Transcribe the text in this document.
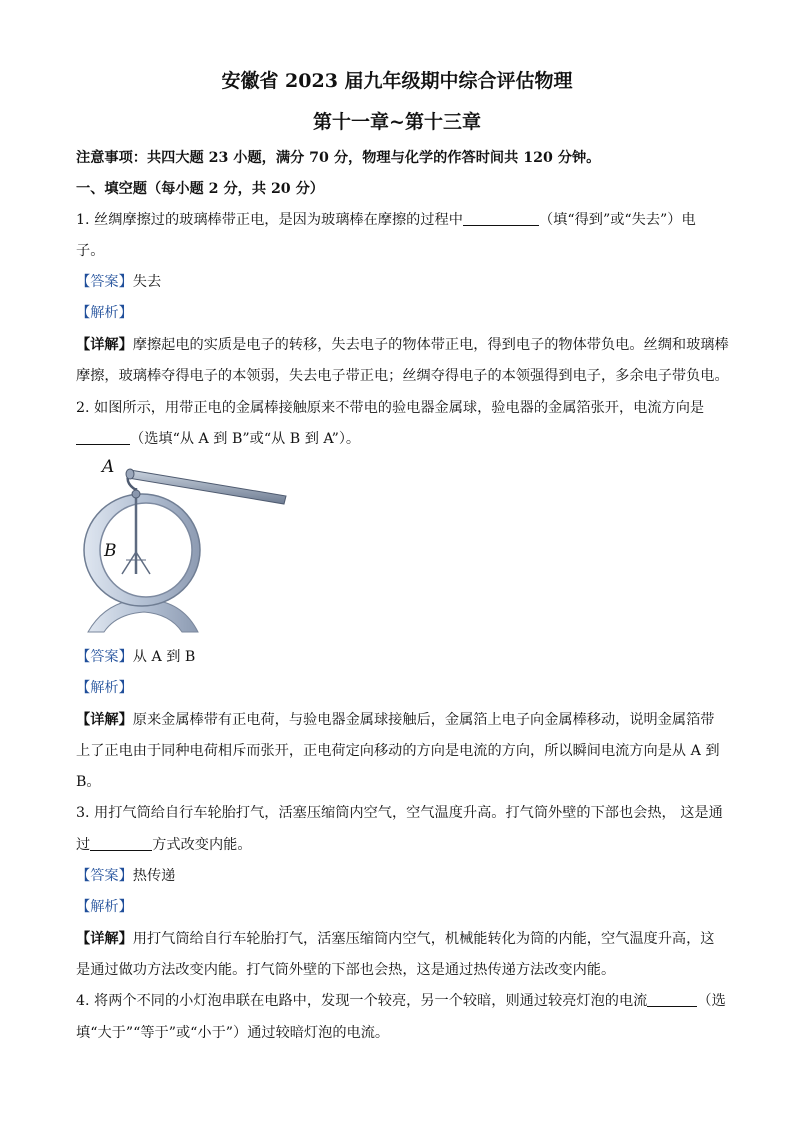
安徽省 2023 届九年级期中综合评估物理
第十一章~第十三章
注意事项：共四大题 23 小题，满分 70 分，物理与化学的作答时间共 120 分钟。
一、填空题（每小题 2 分，共 20 分）
1. 丝绸摩擦过的玻璃棒带正电，是因为玻璃棒在摩擦的过程中	（填“得到”或“失去”）电
子。
【答案】失去
【解析】
【详解】摩擦起电的实质是电子的转移，失去电子的物体带正电，得到电子的物体带负电。丝绸和玻璃棒
摩擦，玻璃棒夺得电子的本领弱，失去电子带正电；丝绸夺得电子的本领强得到电子，多余电子带负电。
2. 如图所示，用带正电的金属棒接触原来不带电的验电器金属球，验电器的金属箔张开，电流方向是
（选填“从 A 到 B”或“从 B 到 A”）。
A
B
【答案】从 A 到 B
【解析】
【详解】原来金属棒带有正电荷，与验电器金属球接触后，金属箔上电子向金属棒移动，说明金属箔带
上了正电由于同种电荷相斥而张开，正电荷定向移动的方向是电流的方向，所以瞬间电流方向是从 A 到
B。
3. 用打气筒给自行车轮胎打气，活塞压缩筒内空气，空气温度升高。打气筒外壁的下部也会热， 这是通
过	方式改变内能。
【答案】热传递
【解析】
【详解】用打气筒给自行车轮胎打气，活塞压缩筒内空气，机械能转化为筒的内能，空气温度升高，这
是通过做功方法改变内能。打气筒外壁的下部也会热，这是通过热传递方法改变内能。
4. 将两个不同的小灯泡串联在电路中，发现一个较亮，另一个较暗，则通过较亮灯泡的电流	（选
填“大于”“等于”或“小于”）通过较暗灯泡的电流。
